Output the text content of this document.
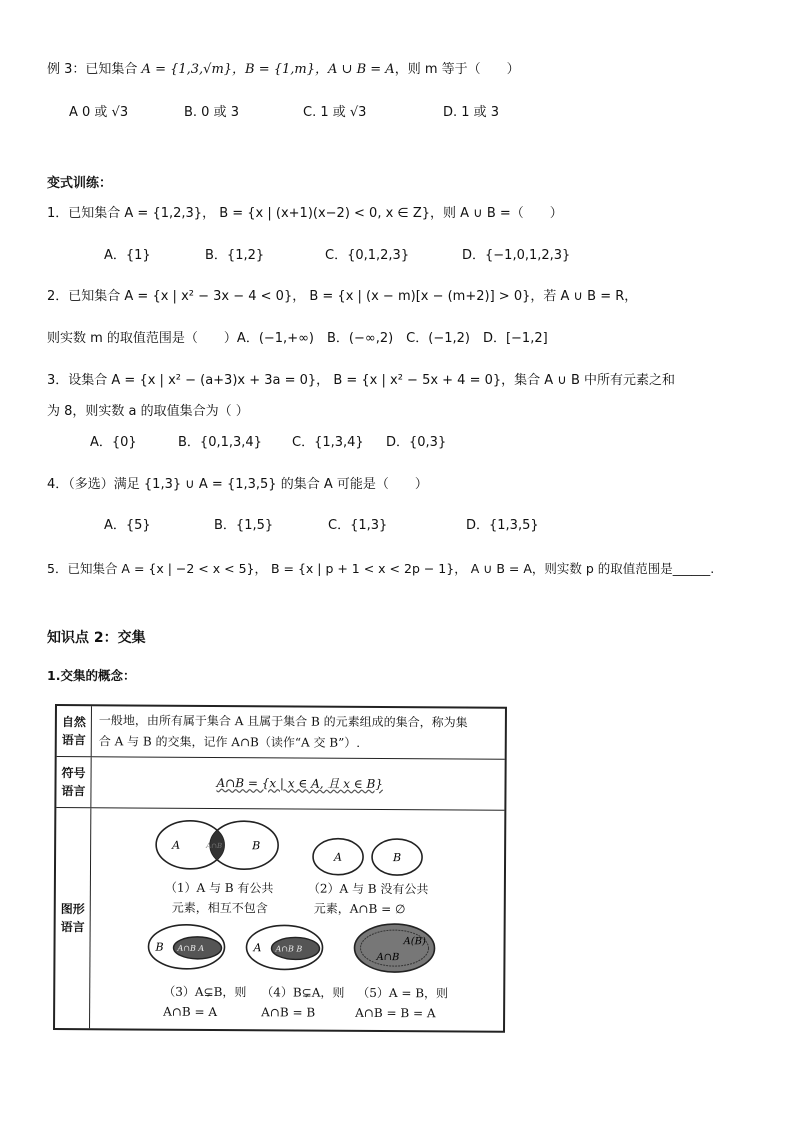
例 3：已知集合 A = {1,3,√m}，B = {1,m}，A ∪ B = A，则 m 等于（　　）
A 0 或 √3	B. 0 或 3	C. 1 或 √3	D. 1 或 3
变式训练：
1．已知集合 A = {1,2,3}， B = {x | (x+1)(x−2) < 0, x ∈ Z}，则 A ∪ B =（　　）
A．{1}	B．{1,2}	C．{0,1,2,3}	D．{−1,0,1,2,3}
2．已知集合 A = {x | x² − 3x − 4 < 0}， B = {x | (x − m)[x − (m+2)] > 0}，若 A ∪ B = R，
则实数 m 的取值范围是（　　）A．(−1,+∞)　B．(−∞,2)　C．(−1,2)　D．[−1,2]
3．设集合 A = {x | x² − (a+3)x + 3a = 0}， B = {x | x² − 5x + 4 = 0}，集合 A ∪ B 中所有元素之和
为 8，则实数 a 的取值集合为（ ）
A．{0}	B．{0,1,3,4} C．{1,3,4} D．{0,3}
4．（多选）满足 {1,3} ∪ A = {1,3,5} 的集合 A 可能是（　　）
A．{5}	B．{1,5}	C．{1,3}	D．{1,3,5}
5．已知集合 A = {x | −2 < x < 5}， B = {x | p + 1 < x < 2p − 1}， A ∪ B = A，则实数 p 的取值范围是______.
知识点 2：交集
1.交集的概念：
自然语言
一般地，由所有属于集合 A 且属于集合 B 的元素组成的集合，称为集
合 A 与 B 的交集，记作 A∩B（读作“A 交 B”）.
符号语言
A∩B = {x | x ∈ A, 且 x ∈ B}
图形语言
A	B
A∩B
A	B
B A∩B A	A A∩B B
A(B)
A∩B
（1）A 与 B 有公共
元素，相互不包含
（2）A 与 B 没有公共
元素，A∩B = ∅
（3）A⊊B，则
A∩B = A
（4）B⊊A，则
A∩B = B
（5）A = B，则
A∩B = B = A
